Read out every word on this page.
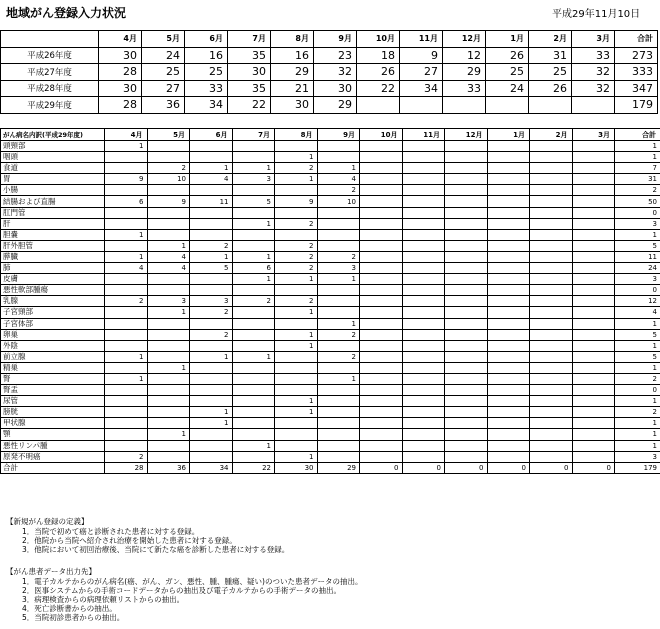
地域がん登録入力状況	平成29年11月10日
	4月	5月	6月	7月	8月	9月	10月	11月	12月	1月	2月	3月	合計
平成26年度	30	24	16	35	16	23	18	9	12	26	31	33	273
平成27年度	28	25	25	30	29	32	26	27	29	25	25	32	333
平成28年度	30	27	33	35	21	30	22	34	33	24	26	32	347
平成29年度	28	36	34	22	30	29							179
がん病名内訳(平成29年度)	4月	5月	6月	7月	8月	9月	10月	11月	12月	1月	2月	3月	合計
頭頸部	1												1
咽頭					1								1
食道		2	1	1	2	1							7
胃	9	10	4	3	1	4							31
小腸						2							2
結腸および直腸	6	9	11	5	9	10							50
肛門管													0
肝				1	2								3
胆嚢	1												1
肝外胆管		1	2		2								5
膵臓	1	4	1	1	2	2							11
肺	4	4	5	6	2	3							24
皮膚				1	1	1							3
悪性軟部腫瘍													0
乳腺	2	3	3	2	2								12
子宮頸部		1	2		1								4
子宮体部						1							1
卵巣			2		1	2							5
外陰					1								1
前立腺	1		1	1		2							5
精巣		1											1
腎	1					1							2
腎盂													0
尿管					1								1
膀胱			1		1								2
甲状腺			1										1
顎		1											1
悪性リンパ腫				1									1
原発不明癌	2				1								3
合計	28	36	34	22	30	29	0	0	0	0	0	0	179
【新規がん登録の定義】
1．当院で初めて癌と診断された患者に対する登録。
2．他院から当院へ紹介され治療を開始した患者に対する登録。
3．他院において初回治療後、当院にて新たな癌を診断した患者に対する登録。
【がん患者データ出力先】
1．電子カルテからのがん病名(癌、がん、ガン、悪性、腫、腫瘍、疑い)のついた患者データの抽出。
2．医事システムからの手術コードデータからの抽出及び電子カルテからの手術データの抽出。
3．病理検査からの病理依頼リストからの抽出。
4．死亡診断書からの抽出。
5．当院初診患者からの抽出。
